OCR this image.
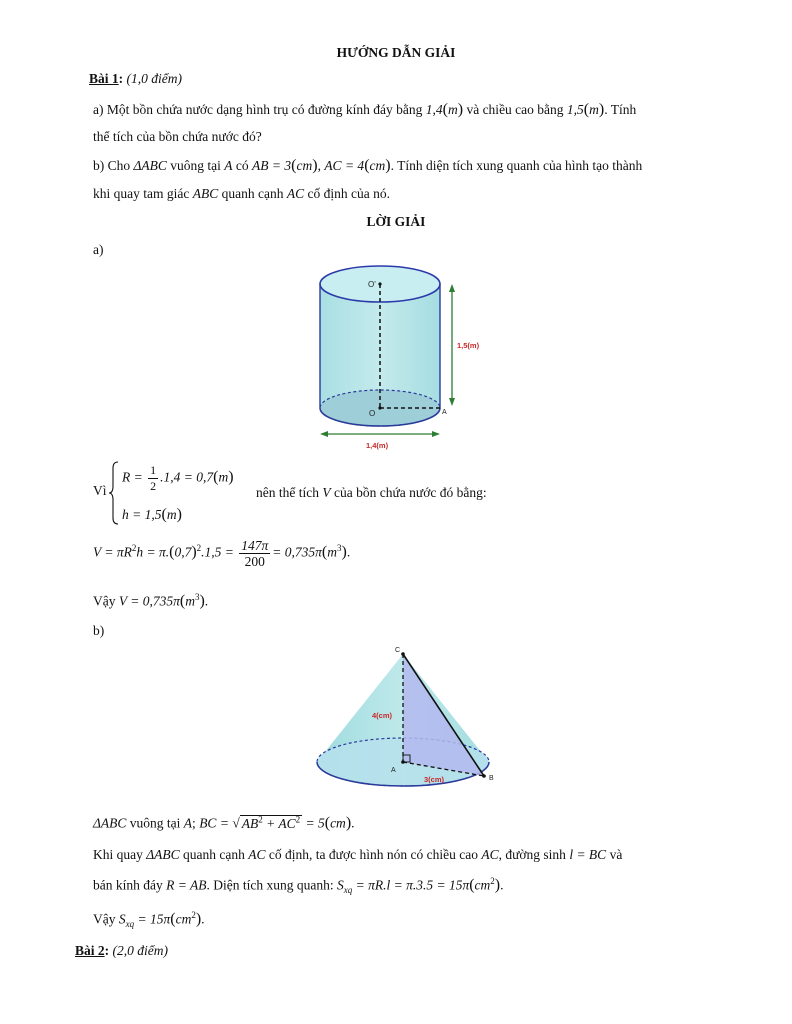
HƯỚNG DẪN GIẢI
Bài 1: (1,0 điểm)
a) Một bồn chứa nước dạng hình trụ có đường kính đáy bằng 1,4(m) và chiều cao bằng 1,5(m). Tính
thể tích của bồn chứa nước đó?
b) Cho ΔABC vuông tại A có AB = 3(cm), AC = 4(cm). Tính diện tích xung quanh của hình tạo thành
khi quay tam giác ABC quanh cạnh AC cố định của nó.
LỜI GIẢI
a)
O'
O	A
1,5(m)
1,4(m)
Vì
$R = \frac{1}{2} .1,4 = 0,7(m)$
h = 1,5(m)
nên thể tích V của bồn chứa nước đó bằng:
$V = \pi R^2h = \pi.(0,7)^2.1,5 = \frac{147\pi}{200} = 0,735\pi(m^3)$.
Vậy $V = 0,735\pi(m^3)$.
b)
C
A
B
4(cm)
3(cm)
ΔABC vuông tại A; BC = √ $AB^2 + AC^2 = 5(cm)$.
Khi quay ΔABC quanh cạnh AC cố định, ta được hình nón có chiều cao AC, đường sinh l = BC và
bán kính đáy R = AB. Diện tích xung quanh: $S_{xq} = \pi R.l = \pi.3.5 = 15\pi(cm^2)$.
Vậy $S_{xq} = 15\pi(cm^2)$.
Bài 2: (2,0 điểm)
